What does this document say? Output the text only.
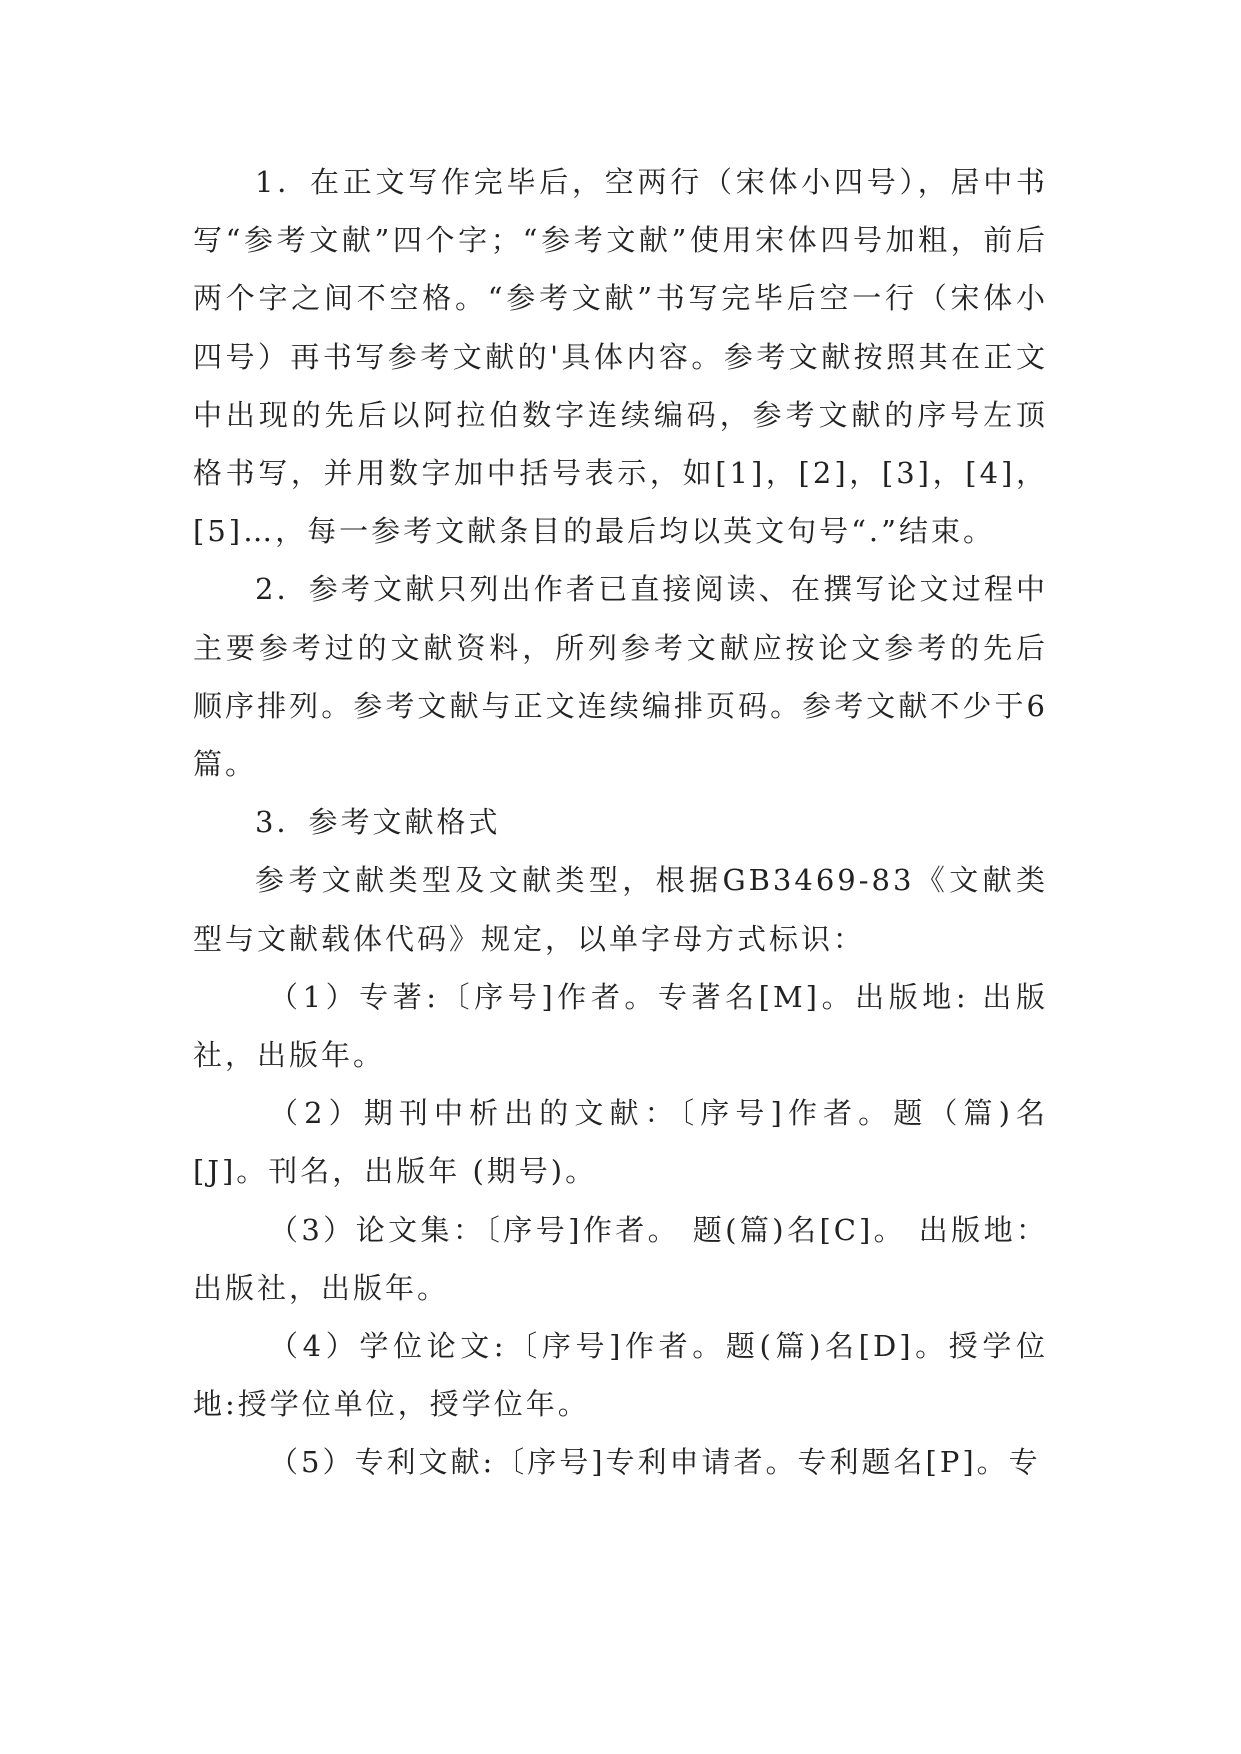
1．在正文写作完毕后，空两行（宋体小四号），居中书写“参考文献”四个字；“参考文献”使用宋体四号加粗，前后两个字之间不空格。“参考文献”书写完毕后空一行（宋体小四号）再书写参考文献的'具体内容。参考文献按照其在正文中出现的先后以阿拉伯数字连续编码，参考文献的序号左顶格书写，并用数字加中括号表示，如[1]，[2]，[3]，[4]，[5]…，每一参考文献条目的最后均以英文句号“.”结束。

2．参考文献只列出作者已直接阅读、在撰写论文过程中主要参考过的文献资料，所列参考文献应按论文参考的先后顺序排列。参考文献与正文连续编排页码。参考文献不少于6篇。

3．参考文献格式

参考文献类型及文献类型，根据GB3469-83《文献类型与文献载体代码》规定，以单字母方式标识：

（1）专著:〔序号]作者。专著名[M]。出版地: 出版社，出版年。

（2）期刊中析出的文献：〔序号]作者。题（篇)名[J]。刊名，出版年 (期号)。

（3）论文集：〔序号]作者。 题(篇)名[C]。 出版地：出版社，出版年。

（4）学位论文:〔序号]作者。题(篇)名[D]。授学位地:授学位单位，授学位年。

（5）专利文献:〔序号]专利申请者。专利题名[P]。专
